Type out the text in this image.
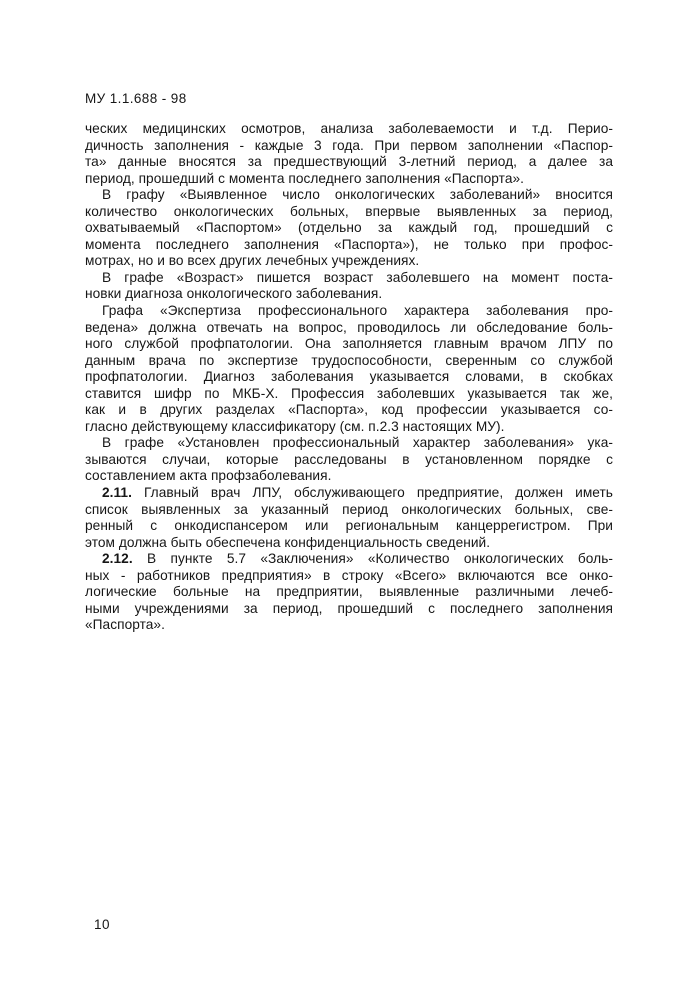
МУ 1.1.688 - 98
ческих медицинских осмотров, анализа заболеваемости и т.д. Перио-
дичность заполнения - каждые 3 года. При первом заполнении «Паспор-
та» данные вносятся за предшествующий 3-летний период, а далее за
период, прошедший с момента последнего заполнения «Паспорта».
В графу «Выявленное число онкологических заболеваний» вносится
количество онкологических больных, впервые выявленных за период,
охватываемый «Паспортом» (отдельно за каждый год, прошедший с
момента последнего заполнения «Паспорта»), не только при профос-
мотрах, но и во всех других лечебных учреждениях.
В графе «Возраст» пишется возраст заболевшего на момент поста-
новки диагноза онкологического заболевания.
Графа «Экспертиза профессионального характера заболевания про-
ведена» должна отвечать на вопрос, проводилось ли обследование боль-
ного службой профпатологии. Она заполняется главным врачом ЛПУ по
данным врача по экспертизе трудоспособности, сверенным со службой
профпатологии. Диагноз заболевания указывается словами, в скобках
ставится шифр по МКБ-X. Профессия заболевших указывается так же,
как и в других разделах «Паспорта», код профессии указывается со-
гласно действующему классификатору (см. п.2.3 настоящих МУ).
В графе «Установлен профессиональный характер заболевания» ука-
зываются случаи, которые расследованы в установленном порядке с
составлением акта профзаболевания.
2.11. Главный врач ЛПУ, обслуживающего предприятие, должен иметь
список выявленных за указанный период онкологических больных, све-
ренный с онкодиспансером или региональным канцеррегистром. При
этом должна быть обеспечена конфиденциальность сведений.
2.12. В пункте 5.7 «Заключения» «Количество онкологических боль-
ных - работников предприятия» в строку «Всего» включаются все онко-
логические больные на предприятии, выявленные различными лечеб-
ными учреждениями за период, прошедший с последнего заполнения
«Паспорта».
10
